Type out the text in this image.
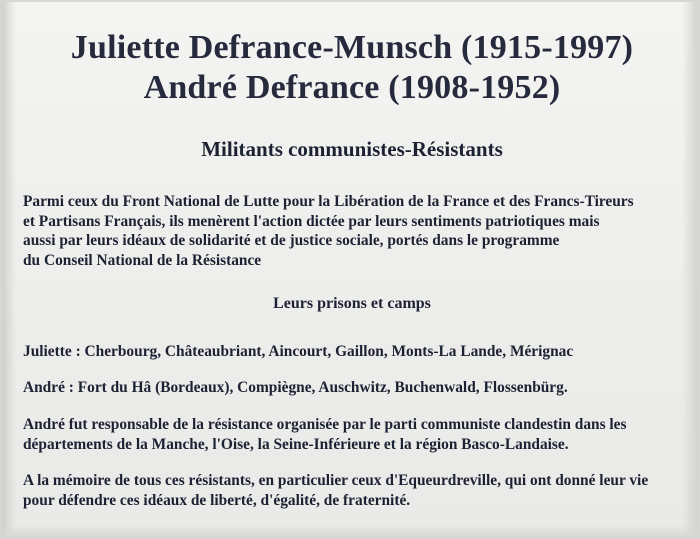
Juliette Defrance-Munsch (1915-1997)
André Defrance (1908-1952)
Militants communistes-Résistants
Parmi ceux du Front National de Lutte pour la Libération de la France et des Francs-Tireurs
et Partisans Français, ils menèrent l'action dictée par leurs sentiments patriotiques mais
aussi par leurs idéaux de solidarité et de justice sociale, portés dans le programme
du Conseil National de la Résistance
Leurs prisons et camps
Juliette : Cherbourg, Châteaubriant, Aincourt, Gaillon, Monts-La Lande, Mérignac
André : Fort du Hâ (Bordeaux), Compiègne, Auschwitz, Buchenwald, Flossenbürg.
André fut responsable de la résistance organisée par le parti communiste clandestin dans les
départements de la Manche, l'Oise, la Seine-Inférieure et la région Basco-Landaise.
A la mémoire de tous ces résistants, en particulier ceux d'Equeurdreville, qui ont donné leur vie
pour défendre ces idéaux de liberté, d'égalité, de fraternité.
